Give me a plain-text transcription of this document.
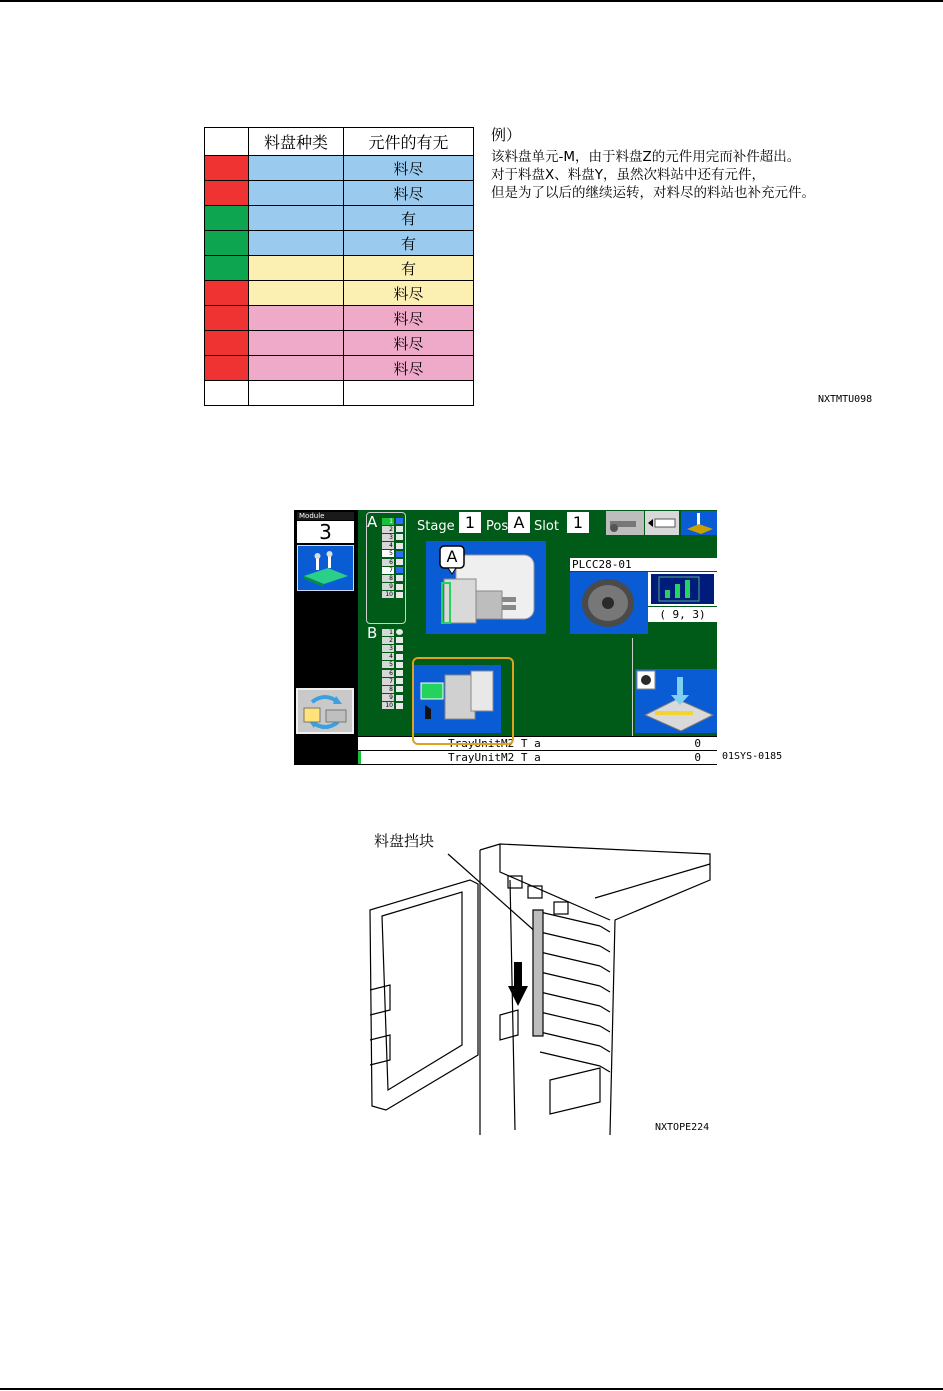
	料盘种类	元件的有无
		料尽
		料尽
		有
		有
		有
		料尽
		料尽
		料尽
		料尽

例）
该料盘单元-M，由于料盘Z的元件用完而补件超出。
对于料盘X、料盘Y，虽然次料站中还有元件，
但是为了以后的继续运转，对料尽的料站也补充元件。
NXTMTU098
Module
3	A	1
2
3
4
5
6
7
8
9
10
B	1
2
3
4
5
6
7
8
9
10
Stage 1 Pos A Slot 1
A	PLCC28-01
( 9, 3)
TrayUnitM2 T a	0
TrayUnitM2 T a	0 01SYS-0185
料盘挡块
NXTOPE224
